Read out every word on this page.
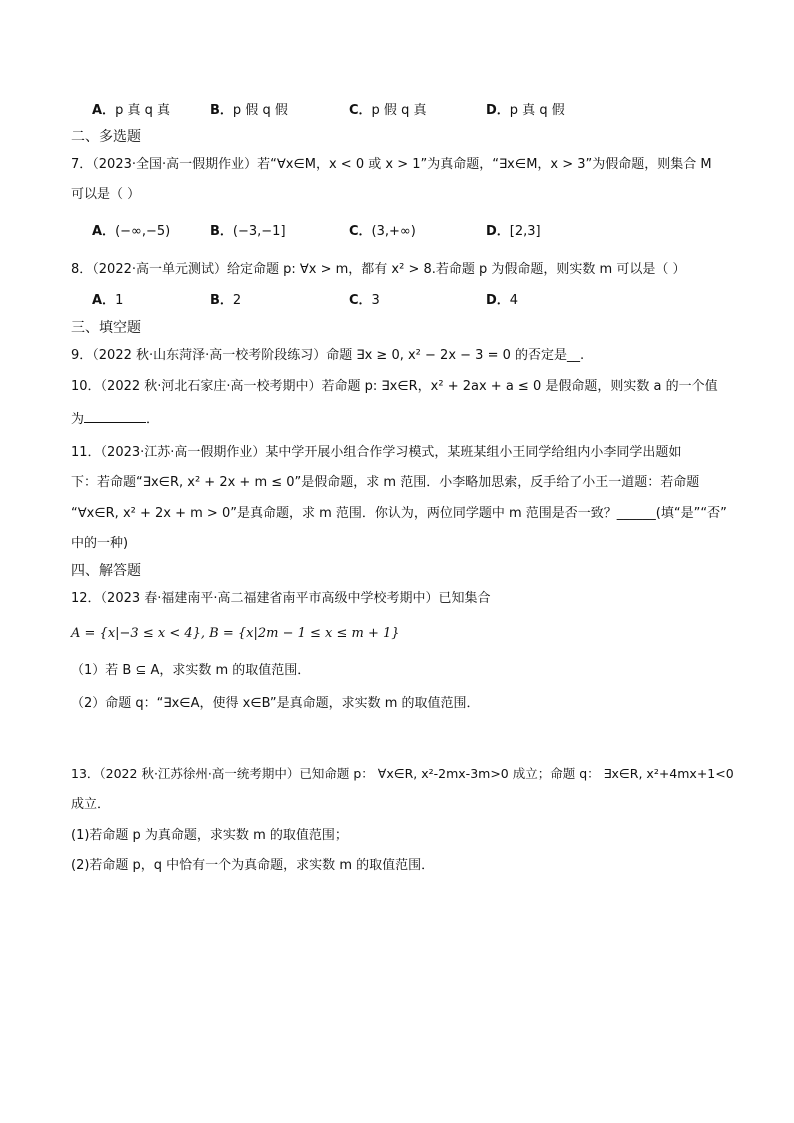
A．p 真 q 真	B．p 假 q 假	C．p 假 q 真	D．p 真 q 假
二、多选题
7．（2023·全国·高一假期作业）若“∀x∈M，x < 0 或 x > 1”为真命题，“∃x∈M，x > 3”为假命题，则集合 M
可以是（ ）
A．(−∞,−5)	B．(−3,−1]	C．(3,+∞)	D．[2,3]
8．（2022·高一单元测试）给定命题 p: ∀x > m，都有 x² > 8.若命题 p 为假命题，则实数 m 可以是（ ）
A．1	B．2	C．3	D．4
三、填空题
9．（2022 秋·山东菏泽·高一校考阶段练习）命题 ∃x ≥ 0, x² − 2x − 3 = 0 的否定是__.
10．（2022 秋·河北石家庄·高一校考期中）若命题 p: ∃x∈R，x² + 2ax + a ≤ 0 是假命题，则实数 a 的一个值
为	．
11．（2023·江苏·高一假期作业）某中学开展小组合作学习模式，某班某组小王同学给组内小李同学出题如
下：若命题“∃x∈R, x² + 2x + m ≤ 0”是假命题，求 m 范围．小李略加思索，反手给了小王一道题：若命题
“∀x∈R, x² + 2x + m > 0”是真命题，求 m 范围．你认为，两位同学题中 m 范围是否一致？______(填“是”“否”
中的一种)
四、解答题
12．（2023 春·福建南平·高二福建省南平市高级中学校考期中）已知集合
A = {x|−3 ≤ x < 4}, B = {x|2m − 1 ≤ x ≤ m + 1}
（1）若 B ⊆ A，求实数 m 的取值范围．
（2）命题 q：“∃x∈A，使得 x∈B”是真命题，求实数 m 的取值范围．
13．（2022 秋·江苏徐州·高一统考期中）已知命题 p： ∀x∈R, x²-2mx-3m>0 成立；命题 q： ∃x∈R, x²+4mx+1<0
成立．
(1)若命题 p 为真命题，求实数 m 的取值范围；
(2)若命题 p，q 中恰有一个为真命题，求实数 m 的取值范围．
